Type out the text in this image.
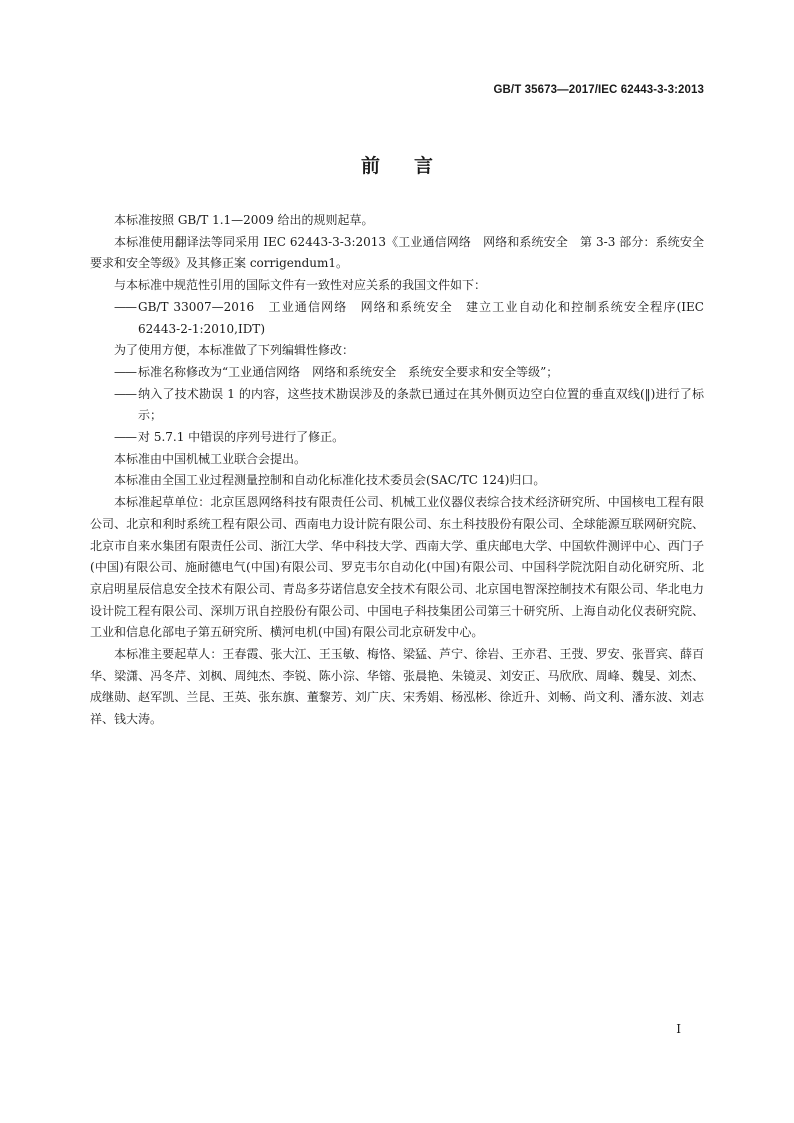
GB/T 35673—2017/IEC 62443-3-3:2013
前言

本标准按照 GB/T 1.1—2009 给出的规则起草。

本标准使用翻译法等同采用 IEC 62443-3-3:2013《工业通信网络　网络和系统安全　第 3-3 部分：系统安全要求和安全等级》及其修正案 corrigendum1。

与本标准中规范性引用的国际文件有一致性对应关系的我国文件如下：

—— GB/T 33007—2016　工业通信网络　网络和系统安全　建立工业自动化和控制系统安全程序(IEC 62443-2-1:2010,IDT)

为了使用方便，本标准做了下列编辑性修改：

—— 标准名称修改为“工业通信网络　网络和系统安全　系统安全要求和安全等级”；

—— 纳入了技术勘误 1 的内容，这些技术勘误涉及的条款已通过在其外侧页边空白位置的垂直双线(‖)进行了标示；

—— 对 5.7.1 中错误的序列号进行了修正。

本标准由中国机械工业联合会提出。

本标准由全国工业过程测量控制和自动化标准化技术委员会(SAC/TC 124)归口。

本标准起草单位：北京匡恩网络科技有限责任公司、机械工业仪器仪表综合技术经济研究所、中国核电工程有限公司、北京和利时系统工程有限公司、西南电力设计院有限公司、东土科技股份有限公司、全球能源互联网研究院、北京市自来水集团有限责任公司、浙江大学、华中科技大学、西南大学、重庆邮电大学、中国软件测评中心、西门子(中国)有限公司、施耐德电气(中国)有限公司、罗克韦尔自动化(中国)有限公司、中国科学院沈阳自动化研究所、北京启明星辰信息安全技术有限公司、青岛多芬诺信息安全技术有限公司、北京国电智深控制技术有限公司、华北电力设计院工程有限公司、深圳万讯自控股份有限公司、中国电子科技集团公司第三十研究所、上海自动化仪表研究院、工业和信息化部电子第五研究所、横河电机(中国)有限公司北京研发中心。

本标准主要起草人：王春霞、张大江、王玉敏、梅恪、梁猛、芦宁、徐岩、王亦君、王弢、罗安、张晋宾、薛百华、梁潇、冯冬芹、刘枫、周纯杰、李锐、陈小淙、华镕、张晨艳、朱镜灵、刘安正、马欣欣、周峰、魏旻、刘杰、成继勋、赵军凯、兰昆、王英、张东旗、董黎芳、刘广庆、宋秀娟、杨泓彬、徐近升、刘畅、尚文利、潘东波、刘志祥、钱大涛。

I
